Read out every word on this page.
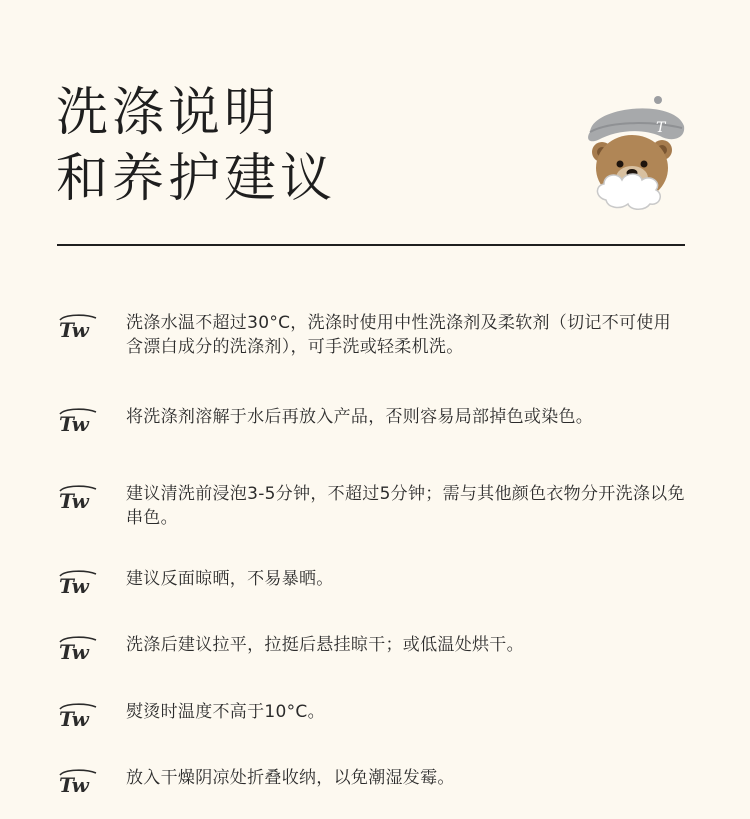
洗涤说明
和养护建议
T
Tw 洗涤水温不超过30°C，洗涤时使用中性洗涤剂及柔软剂（切记不可使用含漂白成分的洗涤剂），可手洗或轻柔机洗。
Tw 将洗涤剂溶解于水后再放入产品，否则容易局部掉色或染色。
Tw 建议清洗前浸泡3-5分钟，不超过5分钟；需与其他颜色衣物分开洗涤以免串色。
Tw 建议反面晾晒，不易暴晒。
Tw 洗涤后建议拉平，拉挺后悬挂晾干；或低温处烘干。
Tw 熨烫时温度不高于10°C。
Tw 放入干燥阴凉处折叠收纳，以免潮湿发霉。
